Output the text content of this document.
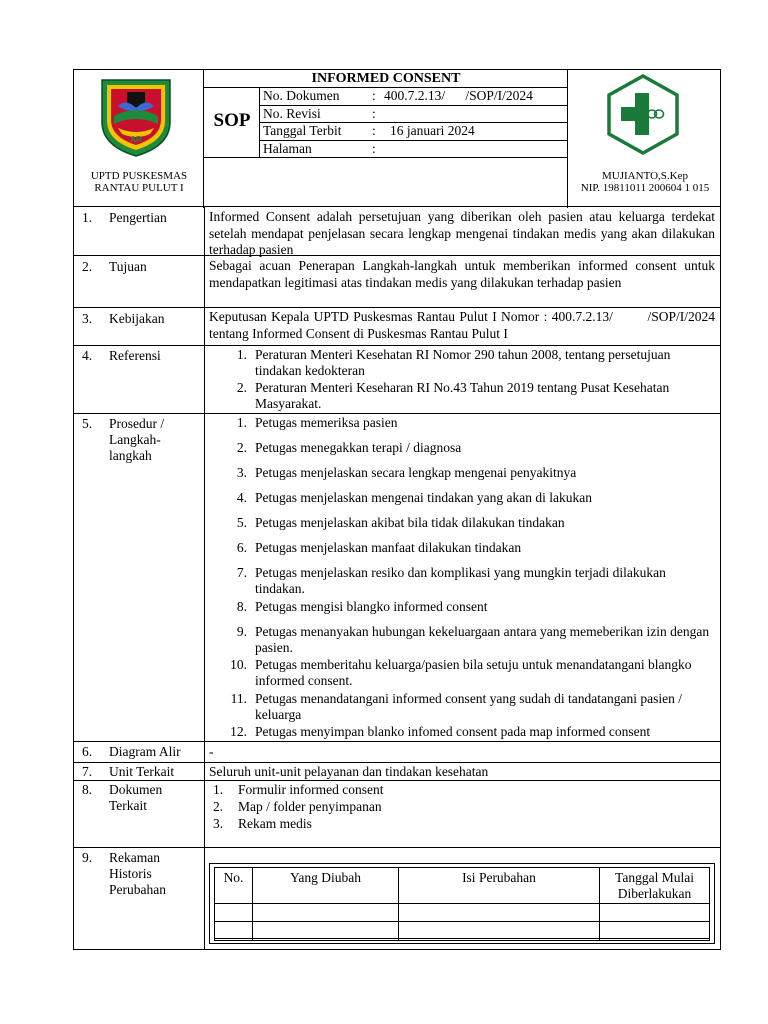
AR
SOP
INFORMED CONSENT
No. Dokumen : 400.7.2.13/      /SOP/I/2024
No. Revisi	:
Tanggal Terbit : 16 januari 2024
Halaman	:
UPTD PUSKESMAS
RANTAU PULUT I
MUJIANTO,S.Kep
NIP. 19811011 200604 1 015
1.	Pengertian	Informed Consent adalah persetujuan yang diberikan oleh pasien atau keluarga terdekat setelah mendapat penjelasan secara lengkap mengenai tindakan medis yang akan dilakukan terhadap pasien
2.	Tujuan	Sebagai acuan Penerapan Langkah-langkah untuk memberikan informed consent untuk mendapatkan legitimasi atas tindakan medis yang dilakukan terhadap pasien
3.	Kebijakan	Keputusan Kepala UPTD Puskesmas Rantau Pulut I Nomor : 400.7.2.13/        /SOP/I/2024 tentang Informed Consent di Puskesmas Rantau Pulut I
4.	Referensi	1. Peraturan Menteri Kesehatan RI Nomor 290 tahun 2008, tentang persetujuan tindakan kedokteran
2. Peraturan Menteri Keseharan RI No.43 Tahun 2019 tentang Pusat Kesehatan Masyarakat.
5.	Prosedur /
Langkah-
langkah
1. Petugas memeriksa pasien
2. Petugas menegakkan terapi / diagnosa
3. Petugas menjelaskan secara lengkap mengenai penyakitnya
4. Petugas menjelaskan mengenai tindakan yang akan di lakukan
5. Petugas menjelaskan akibat bila tidak dilakukan tindakan
6. Petugas menjelaskan manfaat dilakukan tindakan
7. Petugas menjelaskan resiko dan komplikasi yang mungkin terjadi dilakukan tindakan.
8. Petugas mengisi blangko informed consent
9. Petugas menanyakan hubungan kekeluargaan antara yang memeberikan izin dengan pasien.
10. Petugas memberitahu keluarga/pasien bila setuju untuk menandatangani blangko informed consent.
11. Petugas menandatangani informed consent yang sudah di tandatangani pasien / keluarga
12. Petugas menyimpan blanko infomed consent pada map informed consent
6.	Diagram Alir	-
7.	Unit Terkait	Seluruh unit-unit pelayanan dan tindakan kesehatan
8.	Dokumen
Terkait
1. Formulir informed consent
2. Map / folder penyimpanan
3. Rekam medis
9.	Rekaman
Historis
Perubahan
No.	Yang Diubah	Isi Perubahan	Tanggal Mulai
Diberlakukan
